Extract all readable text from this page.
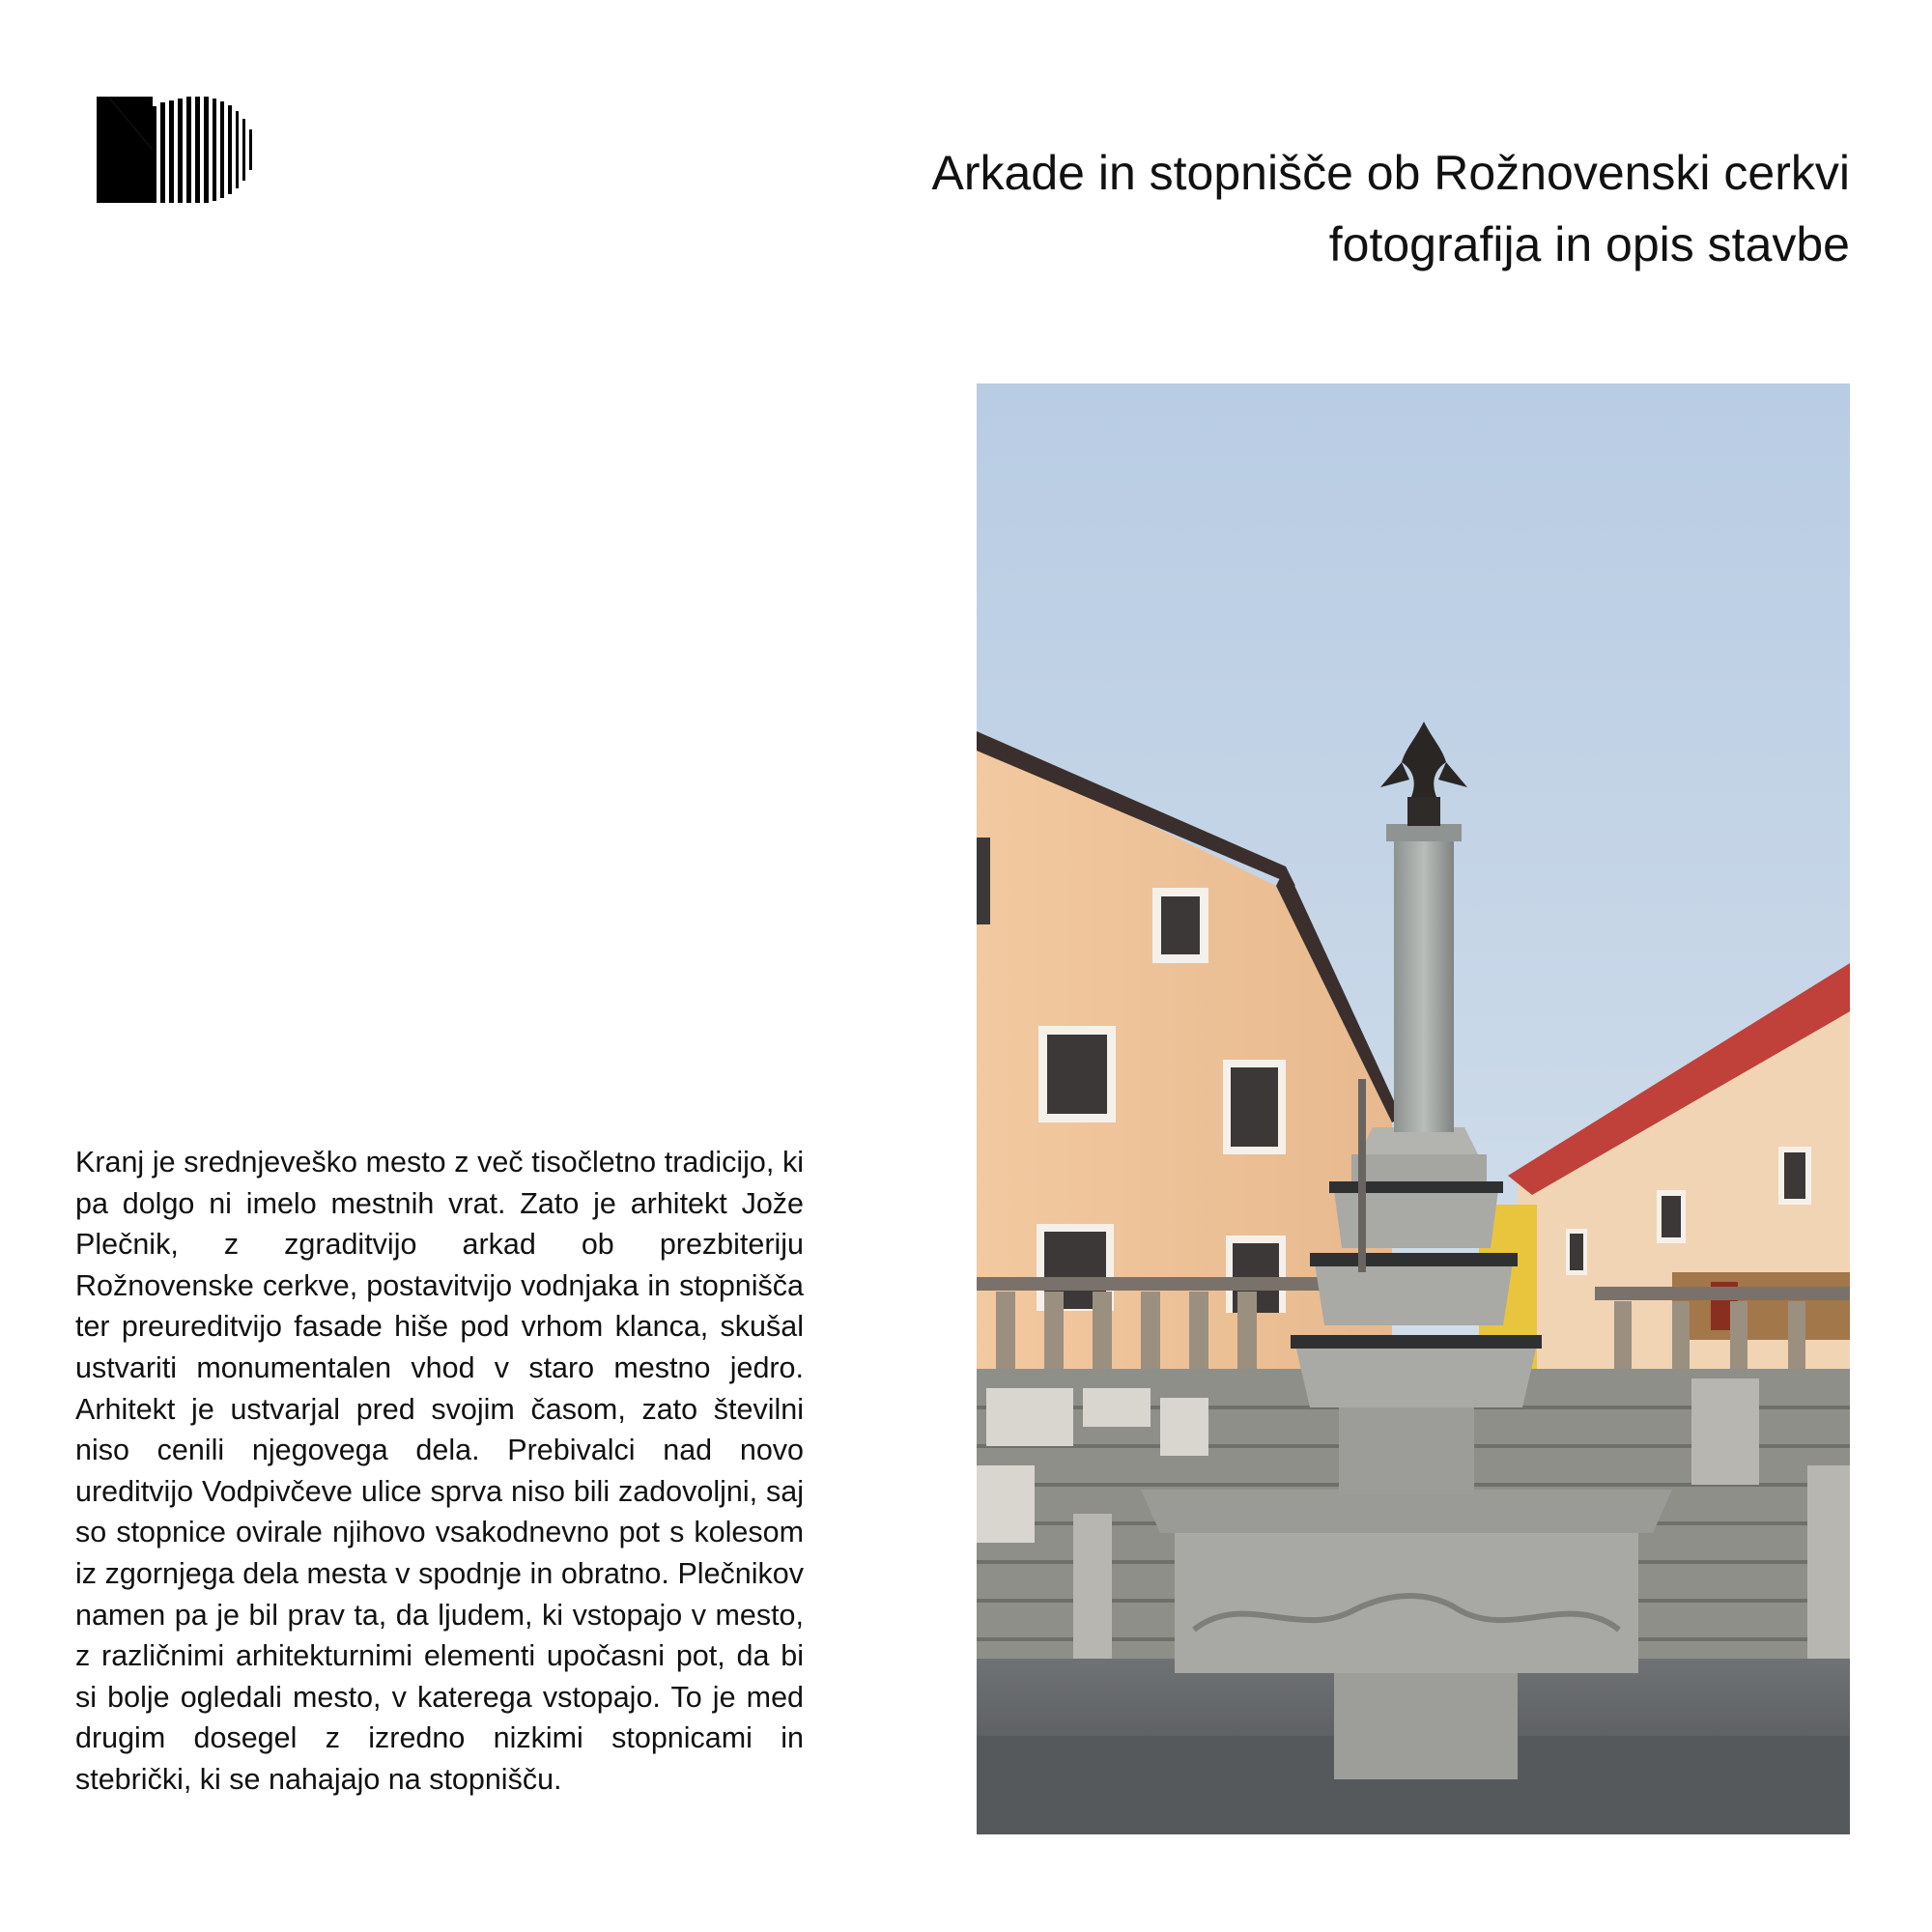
Arkade in stopnišče ob Rožnovenski cerkvi
fotografija in opis stavbe

Kranj je srednjeveško mesto z več tisočletno tradicijo, ki pa dolgo ni imelo mestnih vrat. Zato je arhitekt Jože Plečnik, z zgraditvijo arkad ob prezbiteriju Rožnovenske cerkve, postavitvijo vodnjaka in stopnišča ter preureditvijo fasade hiše pod vrhom klanca, skušal ustvariti monumentalen vhod v staro mestno jedro. Arhitekt je ustvarjal pred svojim časom, zato številni niso cenili njegovega dela. Prebivalci nad novo ureditvijo Vodpivčeve ulice sprva niso bili zadovoljni, saj so stopnice ovirale njihovo vsakodnevno pot s kolesom iz zgornjega dela mesta v spodnje in obratno. Plečnikov namen pa je bil prav ta, da ljudem, ki vstopajo v mesto, z različnimi arhitekturnimi elementi upočasni pot, da bi si bolje ogledali mesto, v katerega vstopajo. To je med drugim dosegel z izredno nizkimi stopnicami in stebrički, ki se nahajajo na stopnišču.
